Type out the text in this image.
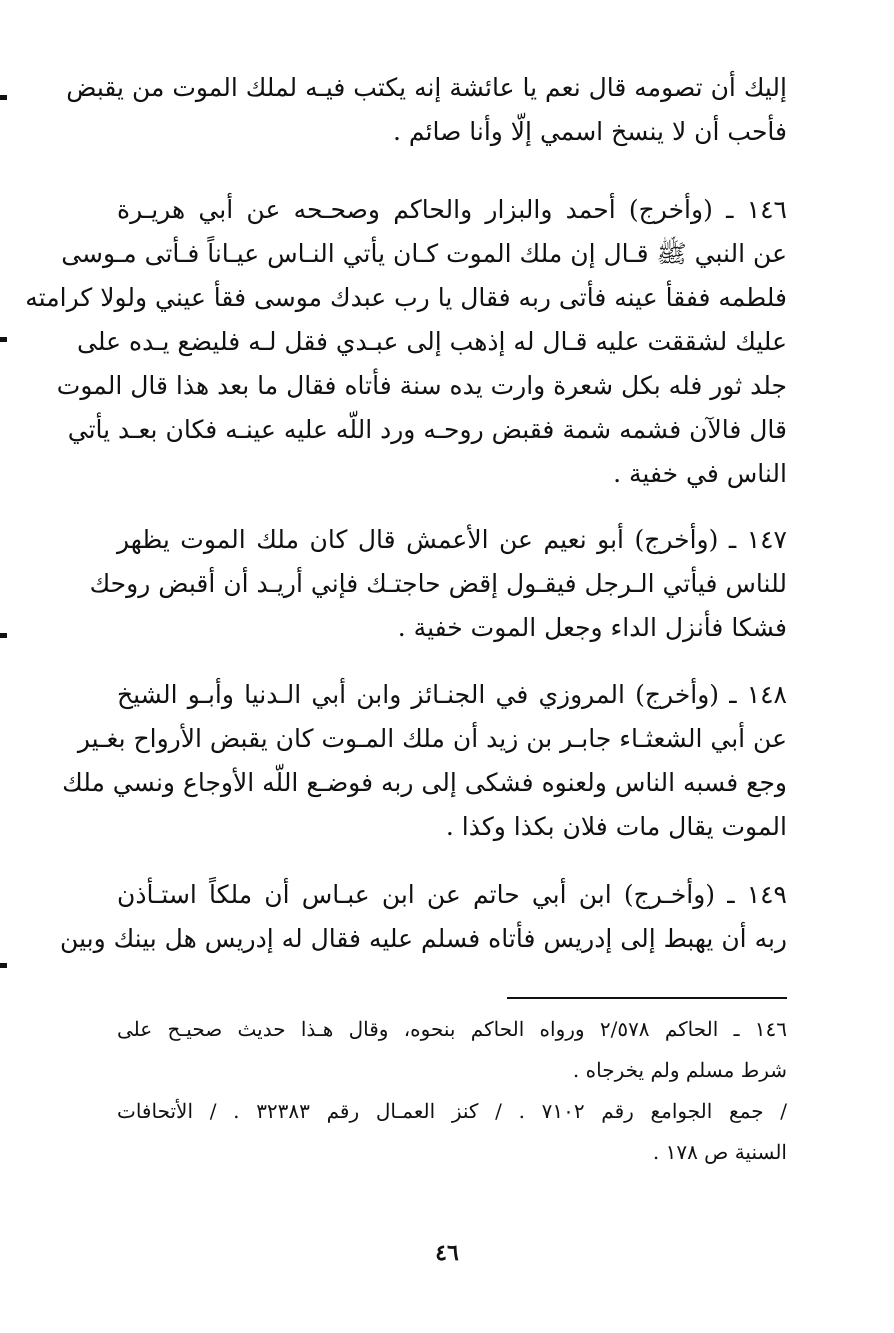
إليك أن تصومه قال نعم يا عائشة إنه يكتب فيـه لملك الموت من يقبض
فأحب أن لا ينسخ اسمي إلّا وأنا صائم .
١٤٦ ـ (وأخرج) أحمد والبزار والحاكم وصحـحه عن أبي هريـرة
عن النبي ﷺ قـال إن ملك الموت كـان يأتي النـاس عيـاناً فـأتى مـوسى
فلطمه ففقأ عينه فأتى ربه فقال يا رب عبدك موسى فقأ عيني ولولا كرامته
عليك لشققت عليه قـال له إذهب إلى عبـدي فقل لـه فليضع يـده على
جلد ثور فله بكل شعرة وارت يده سنة فأتاه فقال ما بعد هذا قال الموت
قال فالآن فشمه شمة فقبض روحـه ورد اللّه عليه عينـه فكان بعـد يأتي
الناس في خفية .
١٤٧ ـ (وأخرج) أبو نعيم عن الأعمش قال كان ملك الموت يظهر
للناس فيأتي الـرجل فيقـول إقض حاجتـك فإني أريـد أن أقبض روحك
فشكا فأنزل الداء وجعل الموت خفية .
١٤٨ ـ (وأخرج) المروزي في الجنـائز وابن أبي الـدنيا وأبـو الشيخ
عن أبي الشعثـاء جابـر بن زيد أن ملك المـوت كان يقبض الأرواح بغـير
وجع فسبه الناس ولعنوه فشكى إلى ربه فوضـع اللّه الأوجاع ونسي ملك
الموت يقال مات فلان بكذا وكذا .
١٤٩ ـ (وأخـرج) ابن أبي حاتم عن ابن عبـاس أن ملكاً استـأذن
ربه أن يهبط إلى إدريس فأتاه فسلم عليه فقال له إدريس هل بينك وبين
١٤٦ ـ الحاكم ٢/٥٧٨ ورواه الحاكم بنحوه، وقال هـذا حديث صحيـح على
شرط مسلم ولم يخرجاه .
/ جمع الجوامع رقم ٧١٠٢ . / كنز العمـال رقم ٣٢٣٨٣ . / الأتحافات
السنية ص ١٧٨ .
٤٦
